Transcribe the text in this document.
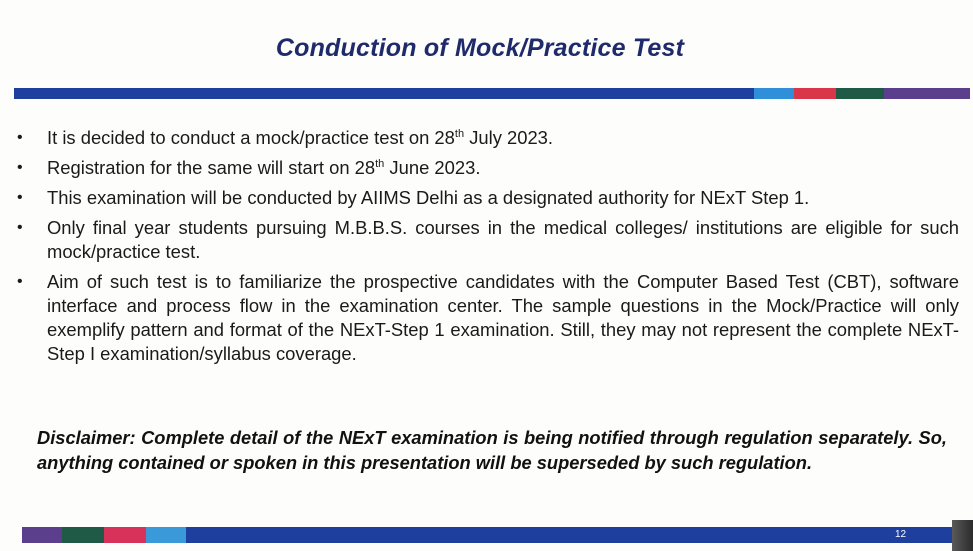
Conduction of Mock/Practice Test
• It is decided to conduct a mock/practice test on 28th July 2023.
• Registration for the same will start on 28th June 2023.
• This examination will be conducted by AIIMS Delhi as a designated authority for NExT Step 1.
• Only final year students pursuing M.B.B.S. courses in the medical colleges/ institutions are eligible for such mock/practice test.
• Aim of such test is to familiarize the prospective candidates with the Computer Based Test (CBT), software interface and process flow in the examination center. The sample questions in the Mock/Practice will only exemplify pattern and format of the NExT-Step 1 examination. Still, they may not represent the complete NExT-Step I examination/syllabus coverage.
Disclaimer: Complete detail of the NExT examination is being notified through regulation separately. So, anything contained or spoken in this presentation will be superseded by such regulation.
12
